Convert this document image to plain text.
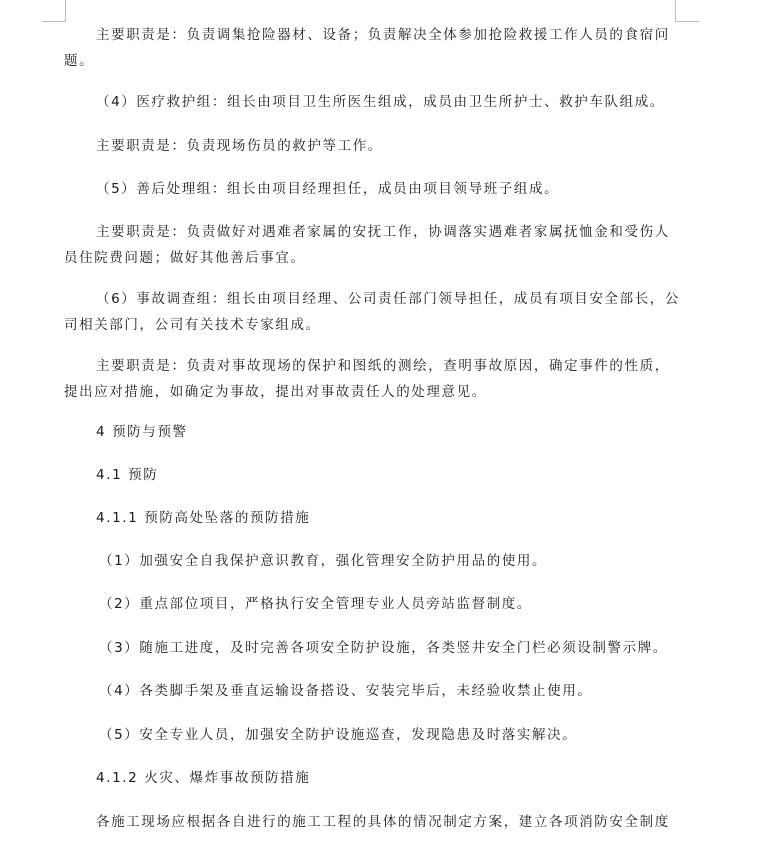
主要职责是：负责调集抢险器材、设备；负责解决全体参加抢险救援工作人员的食宿问题。

（4）医疗救护组：组长由项目卫生所医生组成，成员由卫生所护士、救护车队组成。

主要职责是：负责现场伤员的救护等工作。

（5）善后处理组：组长由项目经理担任，成员由项目领导班子组成。

主要职责是：负责做好对遇难者家属的安抚工作，协调落实遇难者家属抚恤金和受伤人员住院费问题；做好其他善后事宜。

（6）事故调查组：组长由项目经理、公司责任部门领导担任，成员有项目安全部长，公司相关部门，公司有关技术专家组成。

主要职责是：负责对事故现场的保护和图纸的测绘，查明事故原因，确定事件的性质，提出应对措施，如确定为事故，提出对事故责任人的处理意见。

4 预防与预警

4.1 预防

4.1.1 预防高处坠落的预防措施

（1）加强安全自我保护意识教育，强化管理安全防护用品的使用。

（2）重点部位项目，严格执行安全管理专业人员旁站监督制度。

（3）随施工进度，及时完善各项安全防护设施，各类竖井安全门栏必须设制警示牌。

（4）各类脚手架及垂直运输设备搭设、安装完毕后，未经验收禁止使用。

（5）安全专业人员，加强安全防护设施巡查，发现隐患及时落实解决。

4.1.2 火灾、爆炸事故预防措施

各施工现场应根据各自进行的施工工程的具体的情况制定方案，建立各项消防安全制度
